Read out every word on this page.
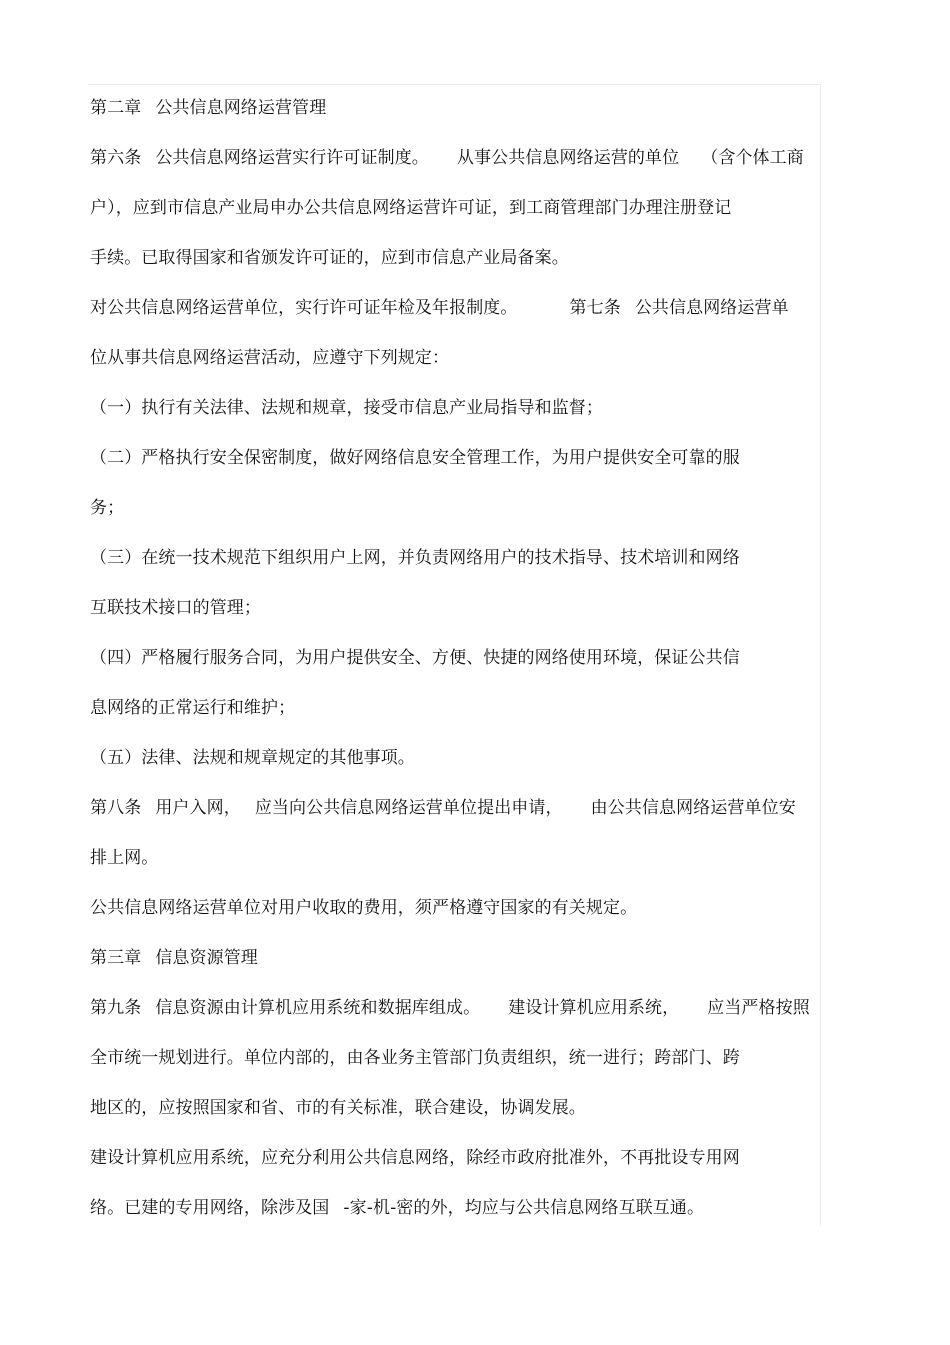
第二章 公共信息网络运营管理
第六条 公共信息网络运营实行许可证制度。 从事公共信息网络运营的单位 （含个体工商
户），应到市信息产业局申办公共信息网络运营许可证，到工商管理部门办理注册登记
手续。已取得国家和省颁发许可证的，应到市信息产业局备案。
对公共信息网络运营单位，实行许可证年检及年报制度。	第七条 公共信息网络运营单
位从事共信息网络运营活动，应遵守下列规定：
（一）执行有关法律、法规和规章，接受市信息产业局指导和监督；
（二）严格执行安全保密制度，做好网络信息安全管理工作，为用户提供安全可靠的服
务；
（三）在统一技术规范下组织用户上网，并负责网络用户的技术指导、技术培训和网络
互联技术接口的管理；
（四）严格履行服务合同，为用户提供安全、方便、快捷的网络使用环境，保证公共信
息网络的正常运行和维护；
（五）法律、法规和规章规定的其他事项。
第八条 用户入网， 应当向公共信息网络运营单位提出申请， 由公共信息网络运营单位安
排上网。
公共信息网络运营单位对用户收取的费用，须严格遵守国家的有关规定。
第三章 信息资源管理
第九条 信息资源由计算机应用系统和数据库组成。 建设计算机应用系统， 应当严格按照
全市统一规划进行。单位内部的，由各业务主管部门负责组织，统一进行；跨部门、跨
地区的，应按照国家和省、市的有关标准，联合建设，协调发展。
建设计算机应用系统，应充分利用公共信息网络，除经市政府批准外，不再批设专用网
络。已建的专用网络，除涉及国 -家-机-密的外，均应与公共信息网络互联互通。
